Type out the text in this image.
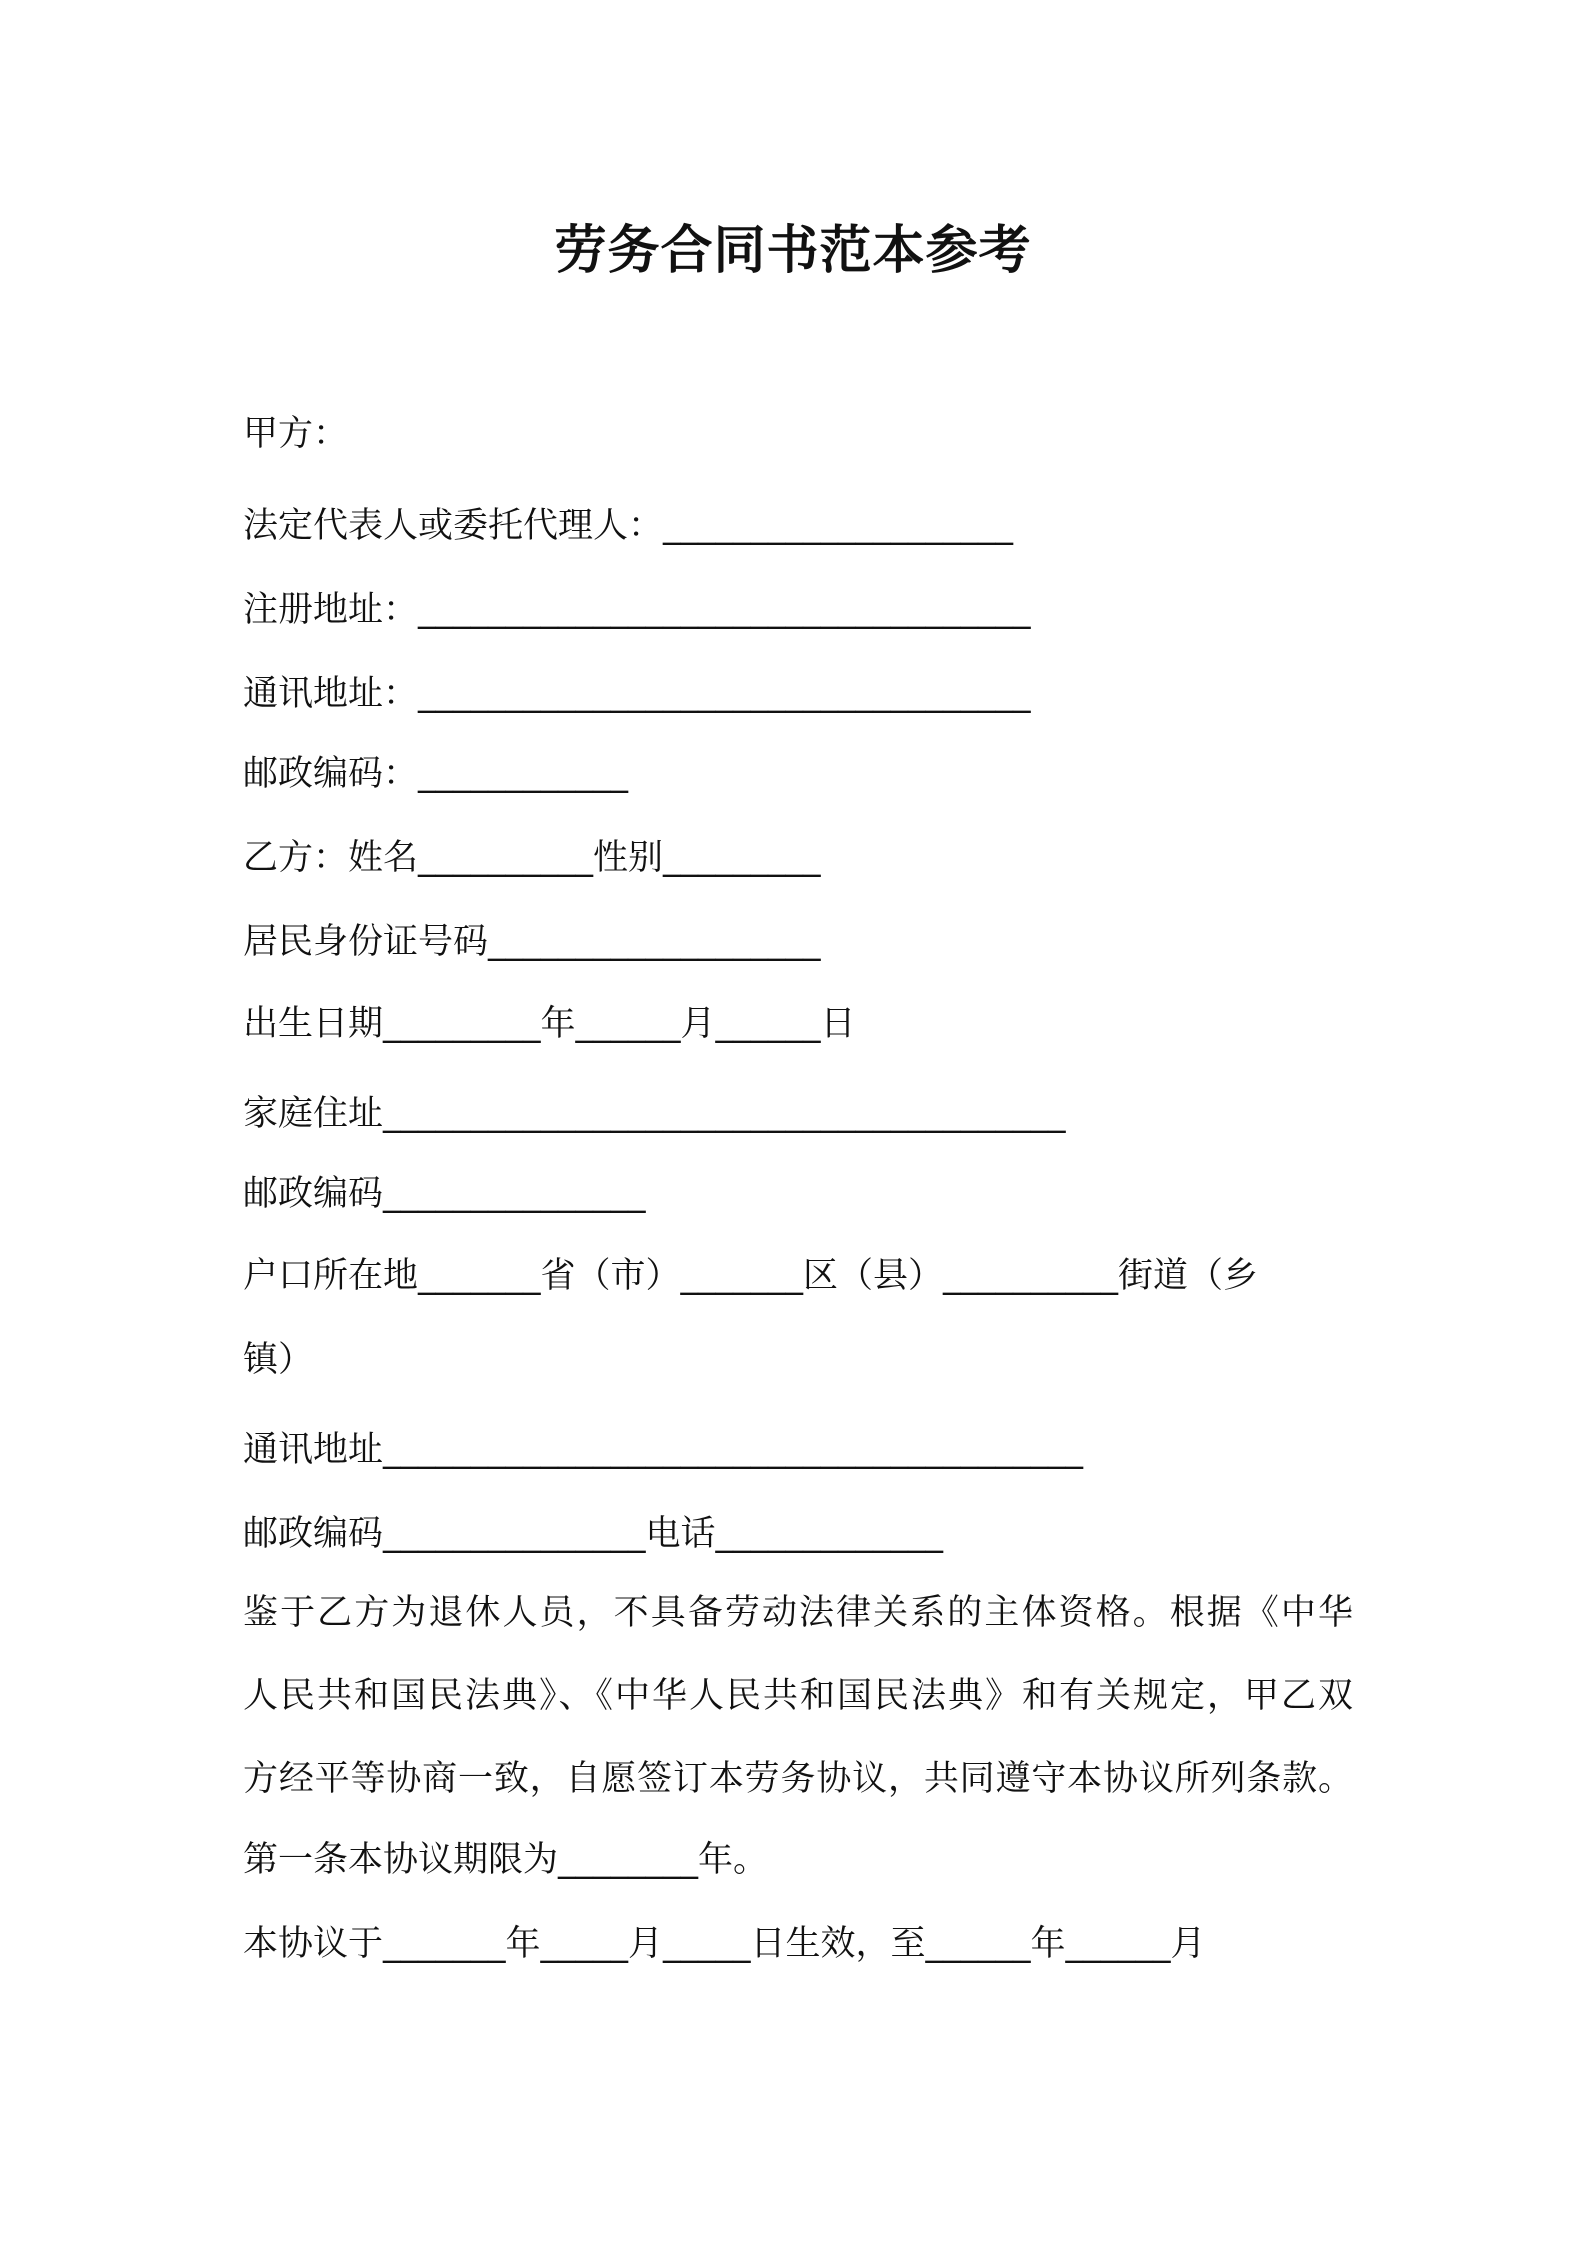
劳务合同书范本参考
甲方：
法定代表人或委托代理人：____________________
注册地址：___________________________________
通讯地址：___________________________________
邮政编码：____________
乙方：姓名__________性别_________
居民身份证号码___________________
出生日期_________年______月______日
家庭住址_______________________________________
邮政编码_______________
户口所在地_______省（市）_______区（县）__________街道（乡
镇）
通讯地址________________________________________
邮政编码_______________电话_____________
鉴于乙方为退休人员，不具备劳动法律关系的主体资格。根据《中华
人民共和国民法典》、《中华人民共和国民法典》和有关规定，甲乙双
方经平等协商一致，自愿签订本劳务协议，共同遵守本协议所列条款。
第一条本协议期限为________年。
本协议于_______年_____月_____日生效，至______年______月
